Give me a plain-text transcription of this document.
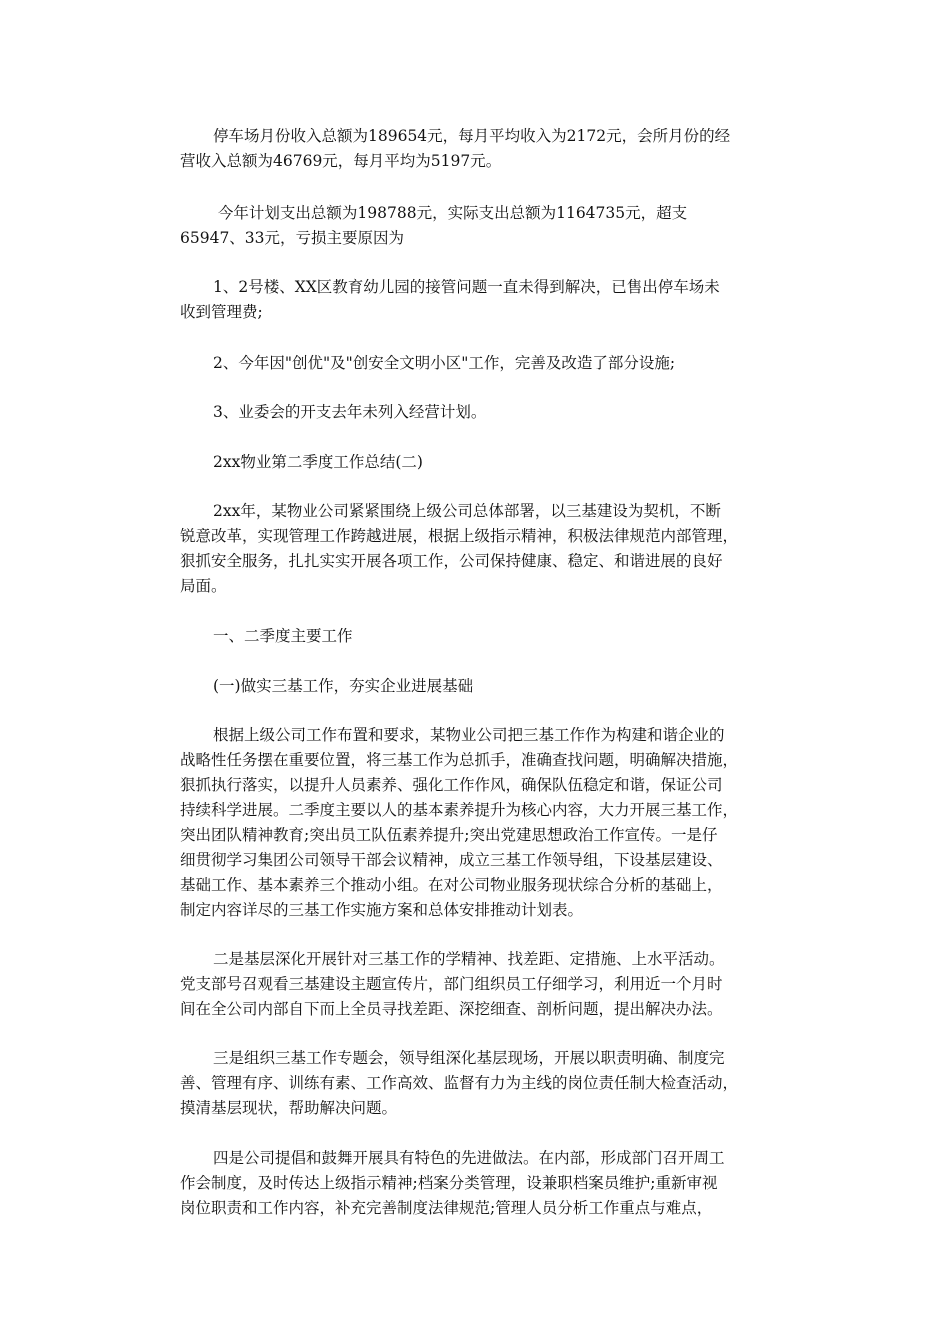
停车场月份收入总额为189654元，每月平均收入为2172元，会所月份的经
营收入总额为46769元，每月平均为5197元。
今年计划支出总额为198788元，实际支出总额为1164735元，超支
65947、33元，亏损主要原因为
1、2号楼、XX区教育幼儿园的接管问题一直未得到解决，已售出停车场未
收到管理费;
2、今年因"创优"及"创安全文明小区"工作，完善及改造了部分设施;
3、业委会的开支去年未列入经营计划。
2xx物业第二季度工作总结(二)
2xx年，某物业公司紧紧围绕上级公司总体部署，以三基建设为契机，不断
锐意改革，实现管理工作跨越进展，根据上级指示精神，积极法律规范内部管理，
狠抓安全服务，扎扎实实开展各项工作，公司保持健康、稳定、和谐进展的良好
局面。
一、二季度主要工作
(一)做实三基工作，夯实企业进展基础
根据上级公司工作布置和要求，某物业公司把三基工作作为构建和谐企业的
战略性任务摆在重要位置，将三基工作为总抓手，准确查找问题，明确解决措施，
狠抓执行落实，以提升人员素养、强化工作作风，确保队伍稳定和谐，保证公司
持续科学进展。二季度主要以人的基本素养提升为核心内容，大力开展三基工作，
突出团队精神教育;突出员工队伍素养提升;突出党建思想政治工作宣传。一是仔
细贯彻学习集团公司领导干部会议精神，成立三基工作领导组，下设基层建设、
基础工作、基本素养三个推动小组。在对公司物业服务现状综合分析的基础上，
制定内容详尽的三基工作实施方案和总体安排推动计划表。
二是基层深化开展针对三基工作的学精神、找差距、定措施、上水平活动。
党支部号召观看三基建设主题宣传片，部门组织员工仔细学习，利用近一个月时
间在全公司内部自下而上全员寻找差距、深挖细查、剖析问题，提出解决办法。
三是组织三基工作专题会，领导组深化基层现场，开展以职责明确、制度完
善、管理有序、训练有素、工作高效、监督有力为主线的岗位责任制大检查活动，
摸清基层现状，帮助解决问题。
四是公司提倡和鼓舞开展具有特色的先进做法。在内部，形成部门召开周工
作会制度，及时传达上级指示精神;档案分类管理，设兼职档案员维护;重新审视
岗位职责和工作内容，补充完善制度法律规范;管理人员分析工作重点与难点，
